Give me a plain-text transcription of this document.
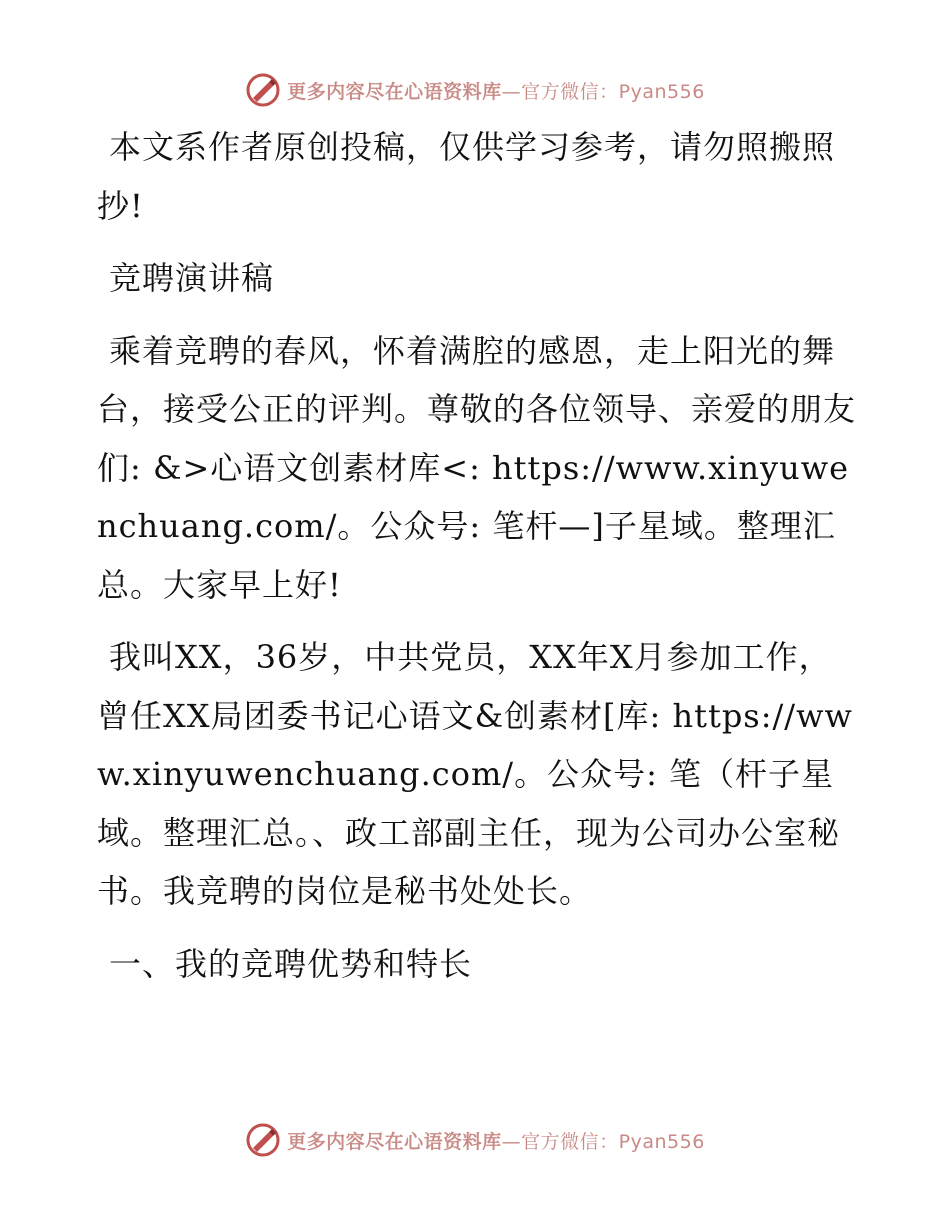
更多内容尽在心语资料库—官方微信：Pyan556

本文系作者原创投稿，仅供学习参考，请勿照搬照抄!

竞聘演讲稿

乘着竞聘的春风，怀着满腔的感恩，走上阳光的舞台，接受公正的评判。尊敬的各位领导、亲爱的朋友们: &>心语文创素材库<: https://www.xinyuwenchuang.com/。公众号: 笔杆—]子星域。整理汇总。大家早上好!

我叫XX，36岁，中共党员，XX年X月参加工作，曾任XX局团委书记心语文&创素材[库: https://www.xinyuwenchuang.com/。公众号: 笔（杆子星域。整理汇总。、政工部副主任，现为公司办公室秘书。我竞聘的岗位是秘书处处长。

一、我的竞聘优势和特长

更多内容尽在心语资料库—官方微信：Pyan556
